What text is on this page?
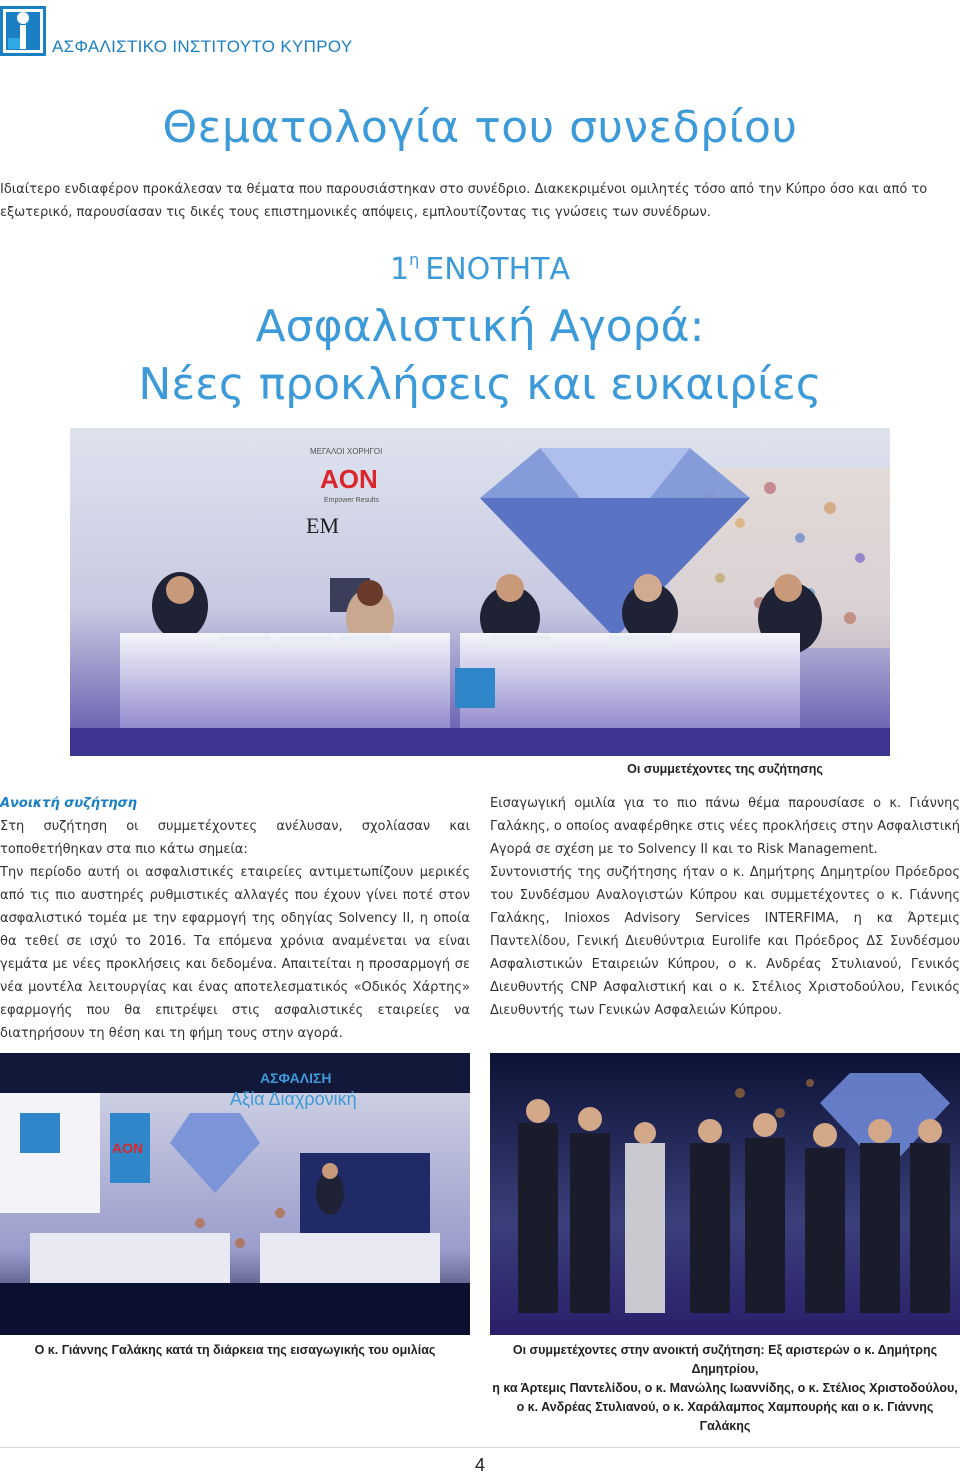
ΑΣΦΑΛΙΣΤΙΚΟ ΙΝΣΤΙΤΟΥΤΟ ΚΥΠΡΟΥ
Θεματολογία του συνεδρίου

Ιδιαίτερο ενδιαφέρον προκάλεσαν τα θέματα που παρουσιάστηκαν στο συνέδριο. Διακεκριμένοι ομιλητές τόσο από την Κύπρο όσο και από το εξωτερικό, παρουσίασαν τις δικές τους επιστημονικές απόψεις, εμπλουτίζοντας τις γνώσεις των συνέδρων.

$1^\eta$ ΕΝΟΤΗΤΑ
Ασφαλιστική Αγορά:
Νέες προκλήσεις και ευκαιρίες
ΜΕΓΑΛΟΙ ΧΟΡΗΓΟΙ
AON
Empower Results
ΕΜ
Οι συμμετέχοντες της συζήτησης

Ανοικτή συζήτηση

Στη συζήτηση οι συμμετέχοντες ανέλυσαν, σχολίασαν και τοποθετήθηκαν στα πιο κάτω σημεία:

Την περίοδο αυτή οι ασφαλιστικές εταιρείες αντιμετωπίζουν μερικές από τις πιο αυστηρές ρυθμιστικές αλλαγές που έχουν γίνει ποτέ στον ασφαλιστικό τομέα με την εφαρμογή της οδηγίας Solvency II, η οποία θα τεθεί σε ισχύ το 2016. Τα επόμενα χρόνια αναμένεται να είναι γεμάτα με νέες προκλήσεις και δεδομένα. Απαιτείται η προσαρμογή σε νέα μοντέλα λειτουργίας και ένας αποτελεσματικός «Οδικός Χάρτης» εφαρμογής που θα επιτρέψει στις ασφαλιστικές εταιρείες να διατηρήσουν τη θέση και τη φήμη τους στην αγορά.

Εισαγωγική ομιλία για το πιο πάνω θέμα παρουσίασε ο κ. Γιάννης Γαλάκης, ο οποίος αναφέρθηκε στις νέες προκλήσεις στην Ασφαλιστική Αγορά σε σχέση με το Solvency II και το Risk Management.

Συντονιστής της συζήτησης ήταν ο κ. Δημήτρης Δημητρίου Πρόεδρος του Συνδέσμου Αναλογιστών Κύπρου και συμμετέχοντες ο κ. Γιάννης Γαλάκης, Inioxos Advisory Services INTERFIMA, η κα Άρτεμις Παντελίδου, Γενική Διευθύντρια Eurolife και Πρόεδρος ΔΣ Συνδέσμου Ασφαλιστικών Εταιρειών Κύπρου, ο κ. Ανδρέας Στυλιανού, Γενικός Διευθυντής CNP Ασφαλιστική και ο κ. Στέλιος Χριστοδούλου, Γενικός Διευθυντής των Γενικών Ασφαλειών Κύπρου.

ΑΣΦΑΛΙΣΗ
Αξία Διαχρονική
AON
Ο κ. Γιάννης Γαλάκης κατά τη διάρκεια της εισαγωγικής του ομιλίας	Οι συμμετέχοντες στην ανοικτή συζήτηση: Εξ αριστερών ο κ. Δημήτρης Δημητρίου,
η κα Άρτεμις Παντελίδου, ο κ. Μανώλης Ιωαννίδης, ο κ. Στέλιος Χριστοδούλου,
ο κ. Ανδρέας Στυλιανού, ο κ. Χαράλαμπος Χαμπουρής και ο κ. Γιάννης Γαλάκης
4
